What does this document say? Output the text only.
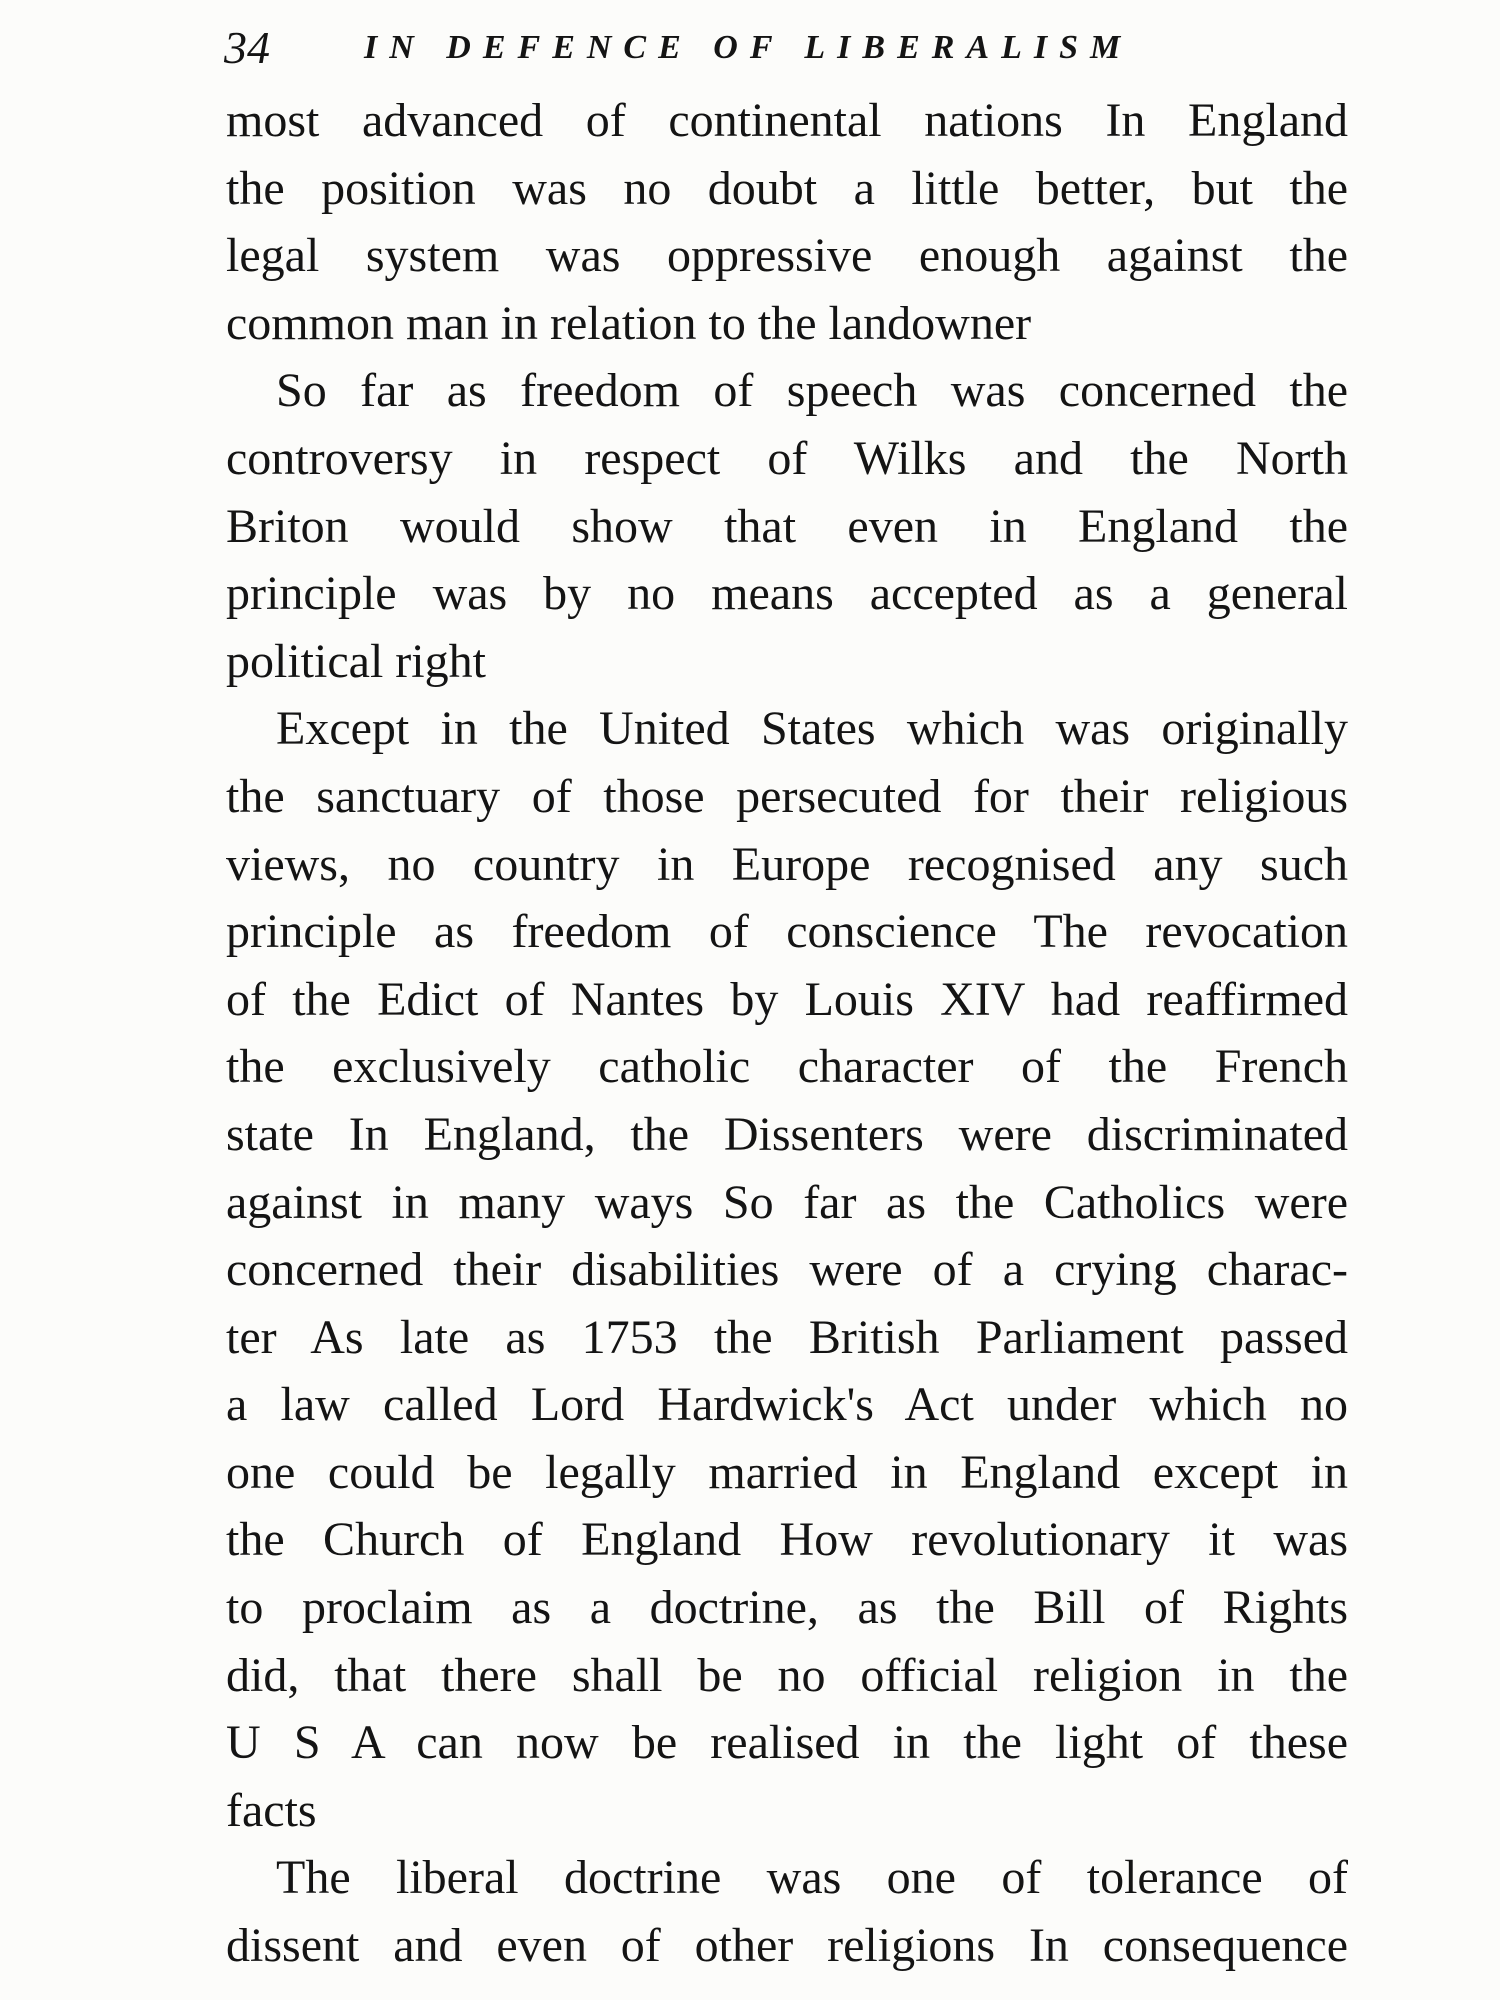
34	IN DEFENCE OF LIBERALISM
most advanced of continental nations In England
the position was no doubt a little better, but the
legal system was oppressive enough against the
common man in relation to the landowner
So far as freedom of speech was concerned the
controversy in respect of Wilks and the North
Briton would show that even in England the
principle was by no means accepted as a general
political right
Except in the United States which was originally
the sanctuary of those persecuted for their religious
views, no country in Europe recognised any such
principle as freedom of conscience The revocation
of the Edict of Nantes by Louis XIV had reaffirmed
the exclusively catholic character of the French
state In England, the Dissenters were discriminated
against in many ways So far as the Catholics were
concerned their disabilities were of a crying charac-
ter As late as 1753 the British Parliament passed
a law called Lord Hardwick's Act under which no
one could be legally married in England except in
the Church of England How revolutionary it was
to proclaim as a doctrine, as the Bill of Rights
did, that there shall be no official religion in the
U S A can now be realised in the light of these
facts
The liberal doctrine was one of tolerance of
dissent and even of other religions In consequence
